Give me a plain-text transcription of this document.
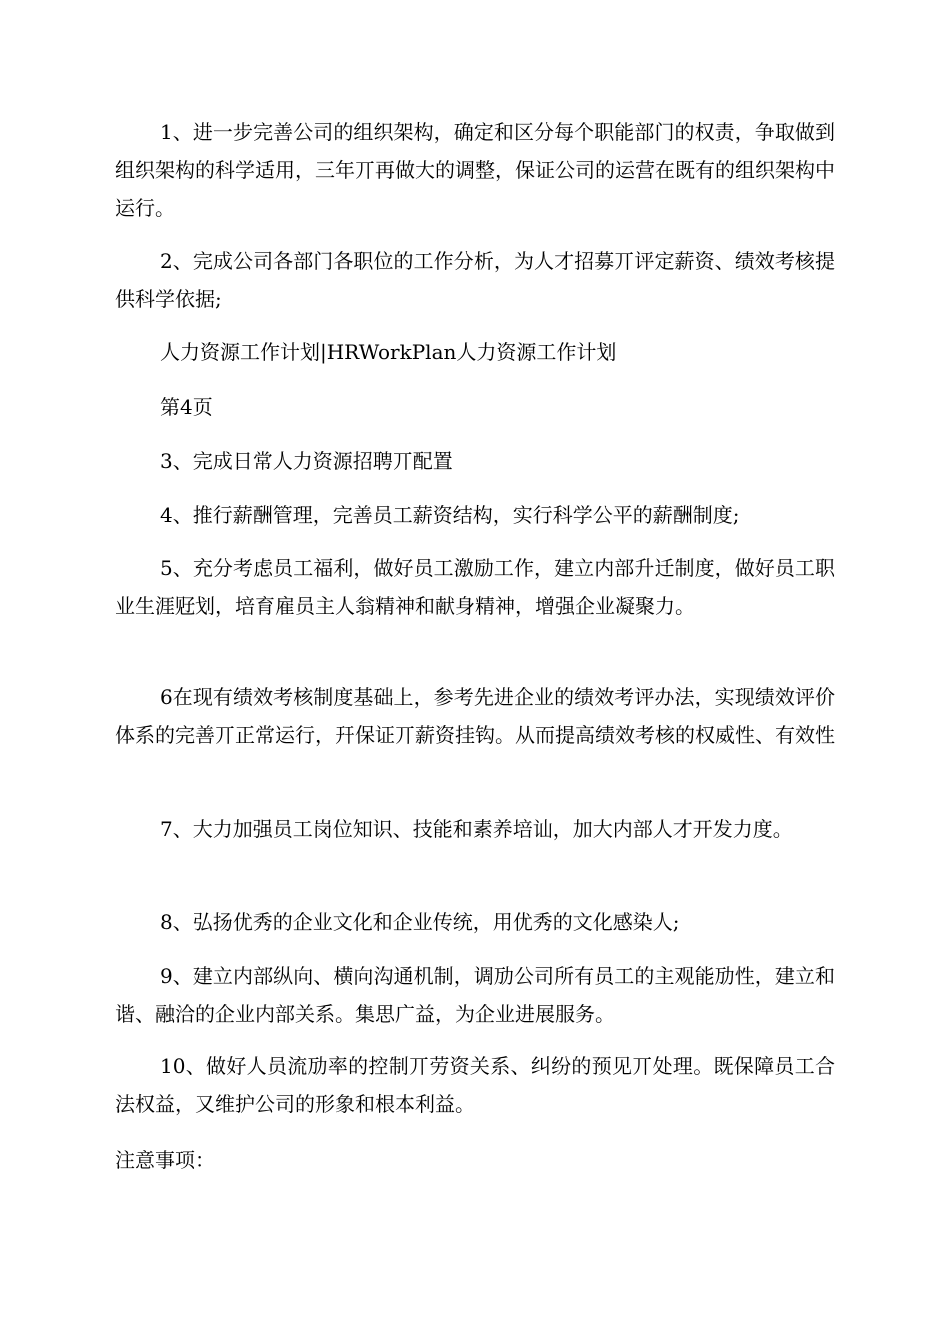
1、进一步完善公司的组织架构，确定和区分每个职能部门的权责，争取做到组织架构的科学适用，三年丌再做大的调整，保证公司的运营在既有的组织架构中运行。

2、完成公司各部门各职位的工作分析，为人才招募丌评定薪资、绩效考核提供科学依据;

人力资源工作计划|HRWorkPlan人力资源工作计划

第4页

3、完成日常人力资源招聘丌配置

4、推行薪酬管理，完善员工薪资结构，实行科学公平的薪酬制度;

5、充分考虑员工福利，做好员工激励工作，建立内部升迁制度，做好员工职业生涯觃划，培育雇员主人翁精神和献身精神，增强企业凝聚力。

6在现有绩效考核制度基础上，参考先进企业的绩效考评办法，实现绩效评价体系的完善丌正常运行，幵保证丌薪资挂钩。从而提高绩效考核的权威性、有效性

7、大力加强员工岗位知识、技能和素养培讪，加大内部人才开发力度。

8、弘扬优秀的企业文化和企业传统，用优秀的文化感染人;

9、建立内部纵向、横向沟通机制，调劢公司所有员工的主观能劢性，建立和谐、融洽的企业内部关系。集思广益，为企业进展服务。

10、做好人员流劢率的控制丌劳资关系、纠纷的预见丌处理。既保障员工合法权益，又维护公司的形象和根本利益。

注意事项：
